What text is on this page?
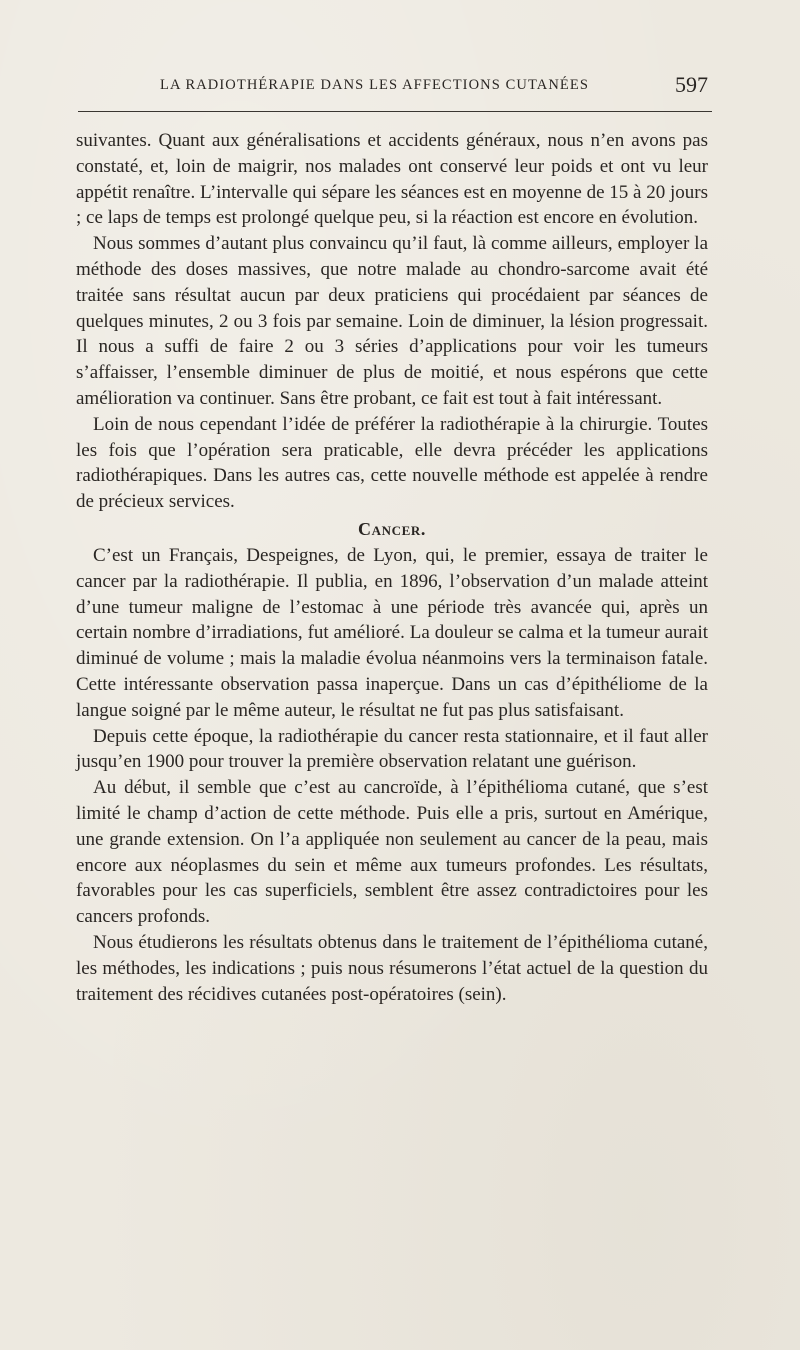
LA RADIOTHÉRAPIE DANS LES AFFECTIONS CUTANÉES	597

suivantes. Quant aux généralisations et accidents généraux, nous n’en avons pas constaté, et, loin de maigrir, nos malades ont conservé leur poids et ont vu leur appétit renaître. L’intervalle qui sépare les séances est en moyenne de 15 à 20 jours ; ce laps de temps est prolongé quelque peu, si la réaction est encore en évolution.

Nous sommes d’autant plus convaincu qu’il faut, là comme ailleurs, employer la méthode des doses massives, que notre malade au chondro-sarcome avait été traitée sans résultat aucun par deux praticiens qui procédaient par séances de quelques minutes, 2 ou 3 fois par semaine. Loin de diminuer, la lésion progressait. Il nous a suffi de faire 2 ou 3 séries d’applications pour voir les tumeurs s’affaisser, l’ensemble diminuer de plus de moitié, et nous espérons que cette amélioration va continuer. Sans être probant, ce fait est tout à fait intéressant.

Loin de nous cependant l’idée de préférer la radiothérapie à la chirurgie. Toutes les fois que l’opération sera praticable, elle devra précéder les applications radiothérapiques. Dans les autres cas, cette nouvelle méthode est appelée à rendre de précieux services.

Cancer.

C’est un Français, Despeignes, de Lyon, qui, le premier, essaya de traiter le cancer par la radiothérapie. Il publia, en 1896, l’observation d’un malade atteint d’une tumeur maligne de l’estomac à une période très avancée qui, après un certain nombre d’irradiations, fut amélioré. La douleur se calma et la tumeur aurait diminué de volume ; mais la maladie évolua néanmoins vers la terminaison fatale. Cette intéressante observation passa inaperçue. Dans un cas d’épithéliome de la langue soigné par le même auteur, le résultat ne fut pas plus satisfaisant.

Depuis cette époque, la radiothérapie du cancer resta stationnaire, et il faut aller jusqu’en 1900 pour trouver la première observation relatant une guérison.

Au début, il semble que c’est au cancroïde, à l’épithélioma cutané, que s’est limité le champ d’action de cette méthode. Puis elle a pris, surtout en Amérique, une grande extension. On l’a appliquée non seulement au cancer de la peau, mais encore aux néoplasmes du sein et même aux tumeurs profondes. Les résultats, favorables pour les cas superficiels, semblent être assez contradictoires pour les cancers profonds.

Nous étudierons les résultats obtenus dans le traitement de l’épithélioma cutané, les méthodes, les indications ; puis nous résumerons l’état actuel de la question du traitement des récidives cutanées post-opératoires (sein).
